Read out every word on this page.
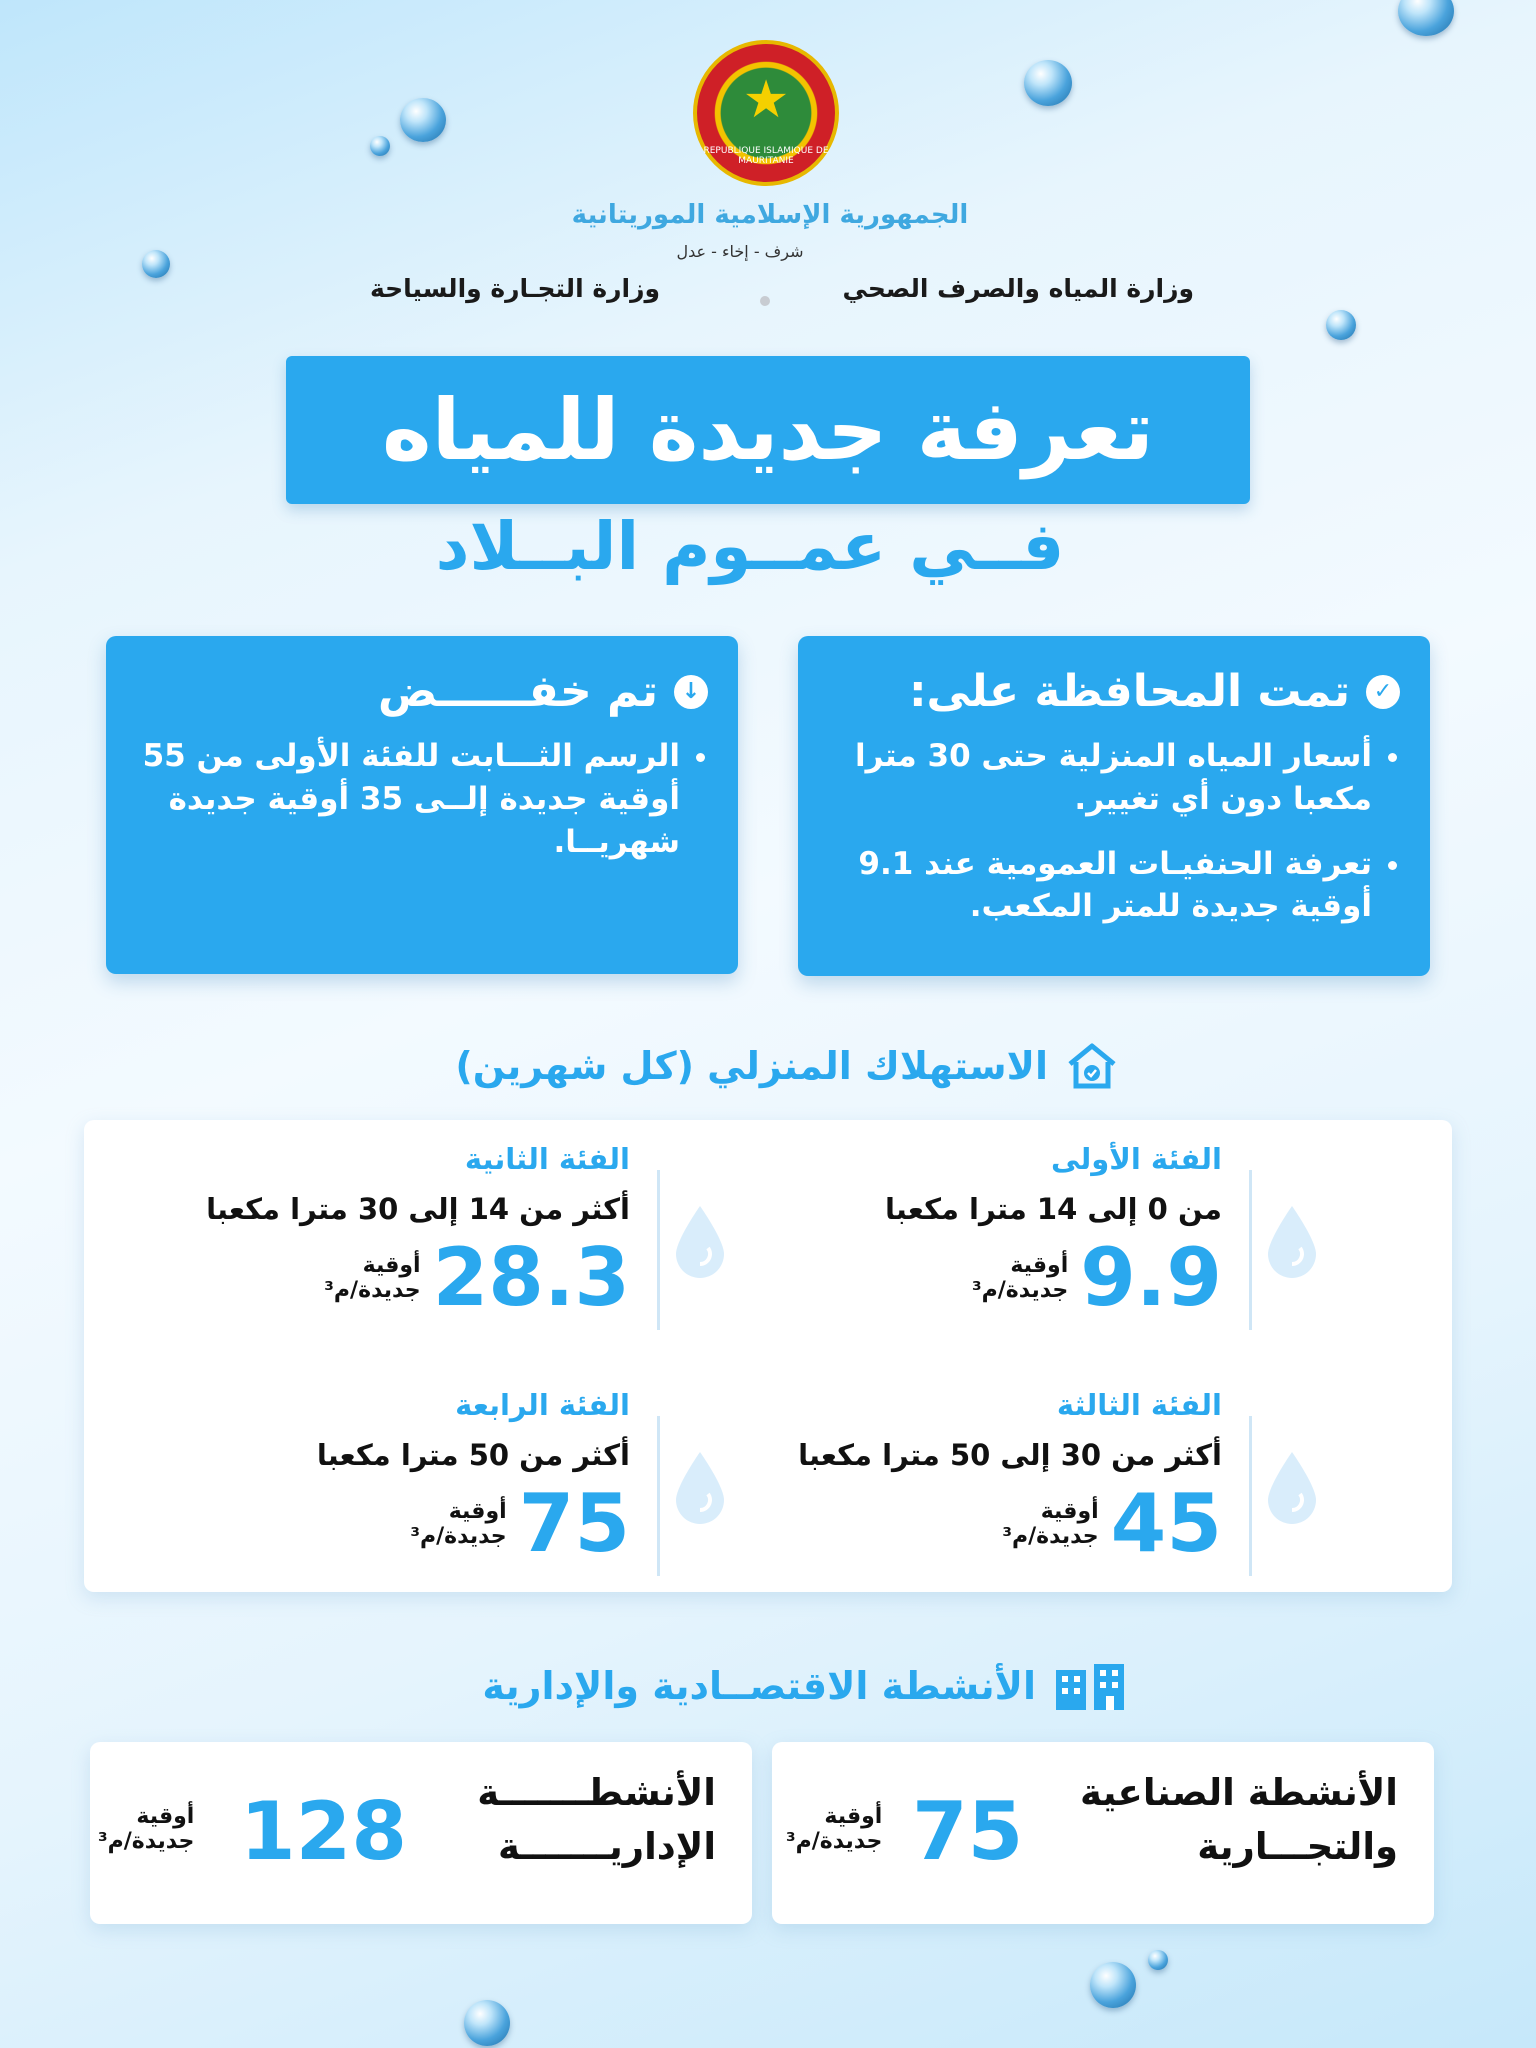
★
REPUBLIQUE ISLAMIQUE DE MAURITANIE
الجمهورية الإسلامية الموريتانية
شرف - إخاء - عدل
وزارة المياه والصرف الصحي
وزارة التجـارة والسياحة
تعرفة جديدة للمياه
فــي عمــوم البــلاد
✓
تمت المحافظة على:
• أسعار المياه المنزلية حتى 30 مترا مكعبا دون أي تغيير.
• تعرفة الحنفيـات العمومية عند 9.1 أوقية جديدة للمتر المكعب.
↓
تم خفــــــض
• الرسم الثـــابت للفئة الأولى من 55 أوقية جديدة إلــى 35 أوقية جديدة شهريــا.
الاستهلاك المنزلي (كل شهرين)
الفئة الأولى
من 0 إلى 14 مترا مكعبا
9.9
أوقية
جديدة/م³
الفئة الثانية
أكثر من 14 إلى 30 مترا مكعبا
28.3
أوقية
جديدة/م³
الفئة الثالثة
أكثر من 30 إلى 50 مترا مكعبا
45
أوقية
جديدة/م³
الفئة الرابعة
أكثر من 50 مترا مكعبا
75
أوقية
جديدة/م³
الأنشطة الاقتصــادية والإدارية
الأنشطة الصناعية
والتجـــارية
75
أوقية
جديدة/م³
الأنشطـــــــة
الإداريـــــــة
128
أوقية
جديدة/م³
